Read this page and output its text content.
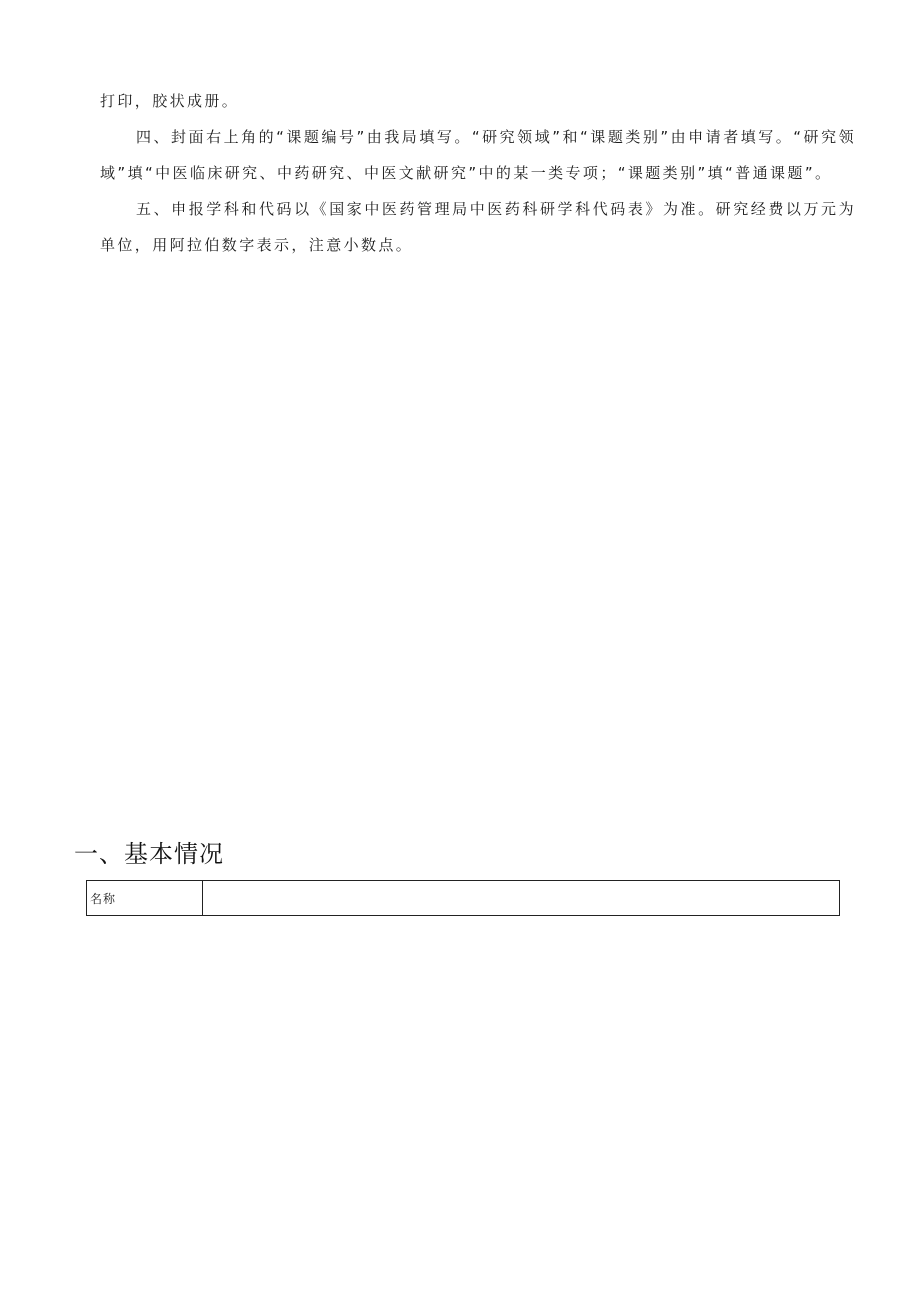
打印，胶状成册。

四、封面右上角的“课题编号”由我局填写。“研究领域”和“课题类别”由申请者填写。“研究领域”填“中医临床研究、中药研究、中医文献研究”中的某一类专项；“课题类别”填“普通课题”。

五、申报学科和代码以《国家中医药管理局中医药科研学科代码表》为准。研究经费以万元为单位，用阿拉伯数字表示，注意小数点。

一、基本情况
名称	
